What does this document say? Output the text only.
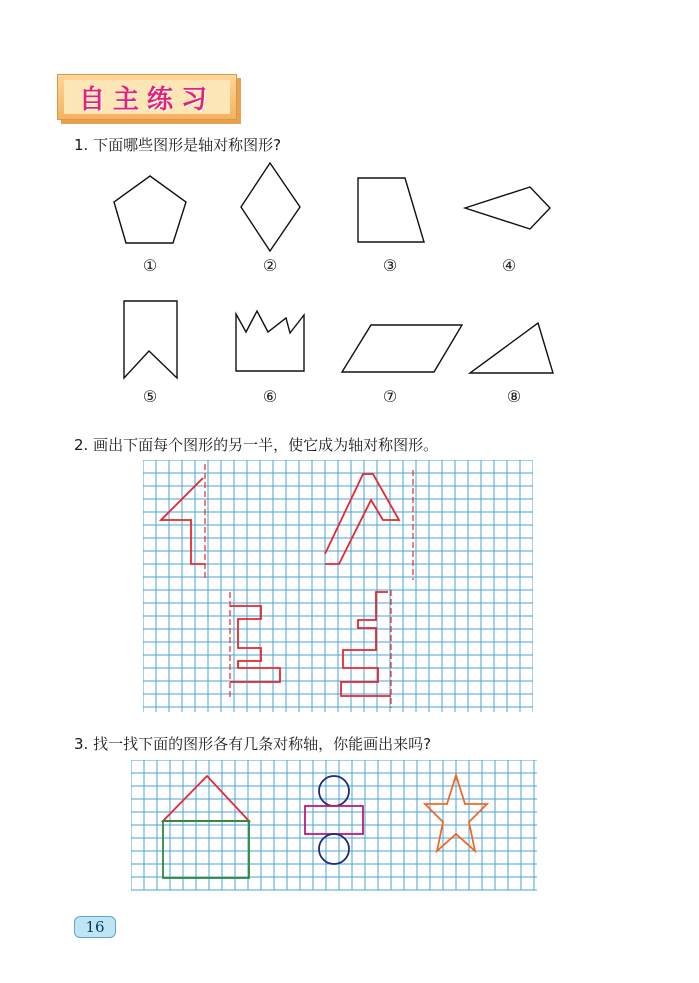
自主练习
1. 下面哪些图形是轴对称图形?
①	②	③	④
⑤	⑥	⑦	⑧
2. 画出下面每个图形的另一半，使它成为轴对称图形。
3. 找一找下面的图形各有几条对称轴，你能画出来吗?
16
